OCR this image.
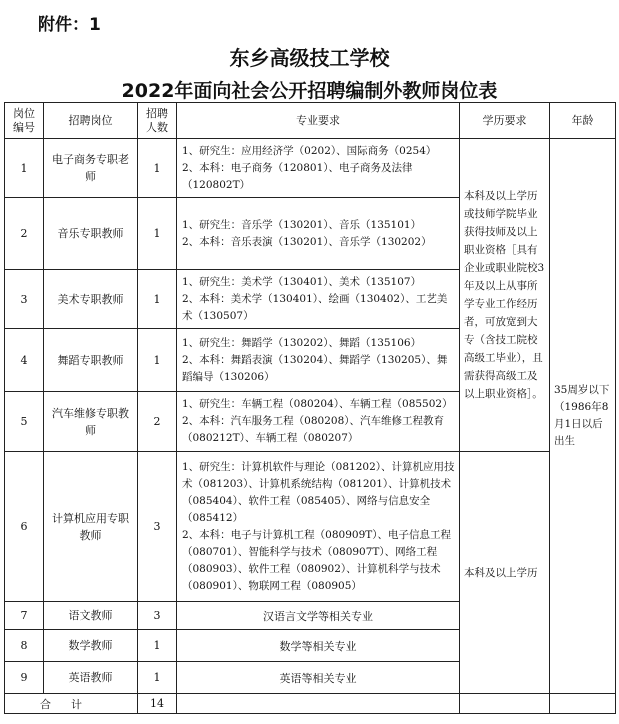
附件：1
东乡高级技工学校
2022年面向社会公开招聘编制外教师岗位表
岗位编号	招聘岗位	招聘人数	专业要求	学历要求	年龄
1	电子商务专职老师	1	1、研究生：应用经济学（0202）、国际商务（0254）

2、本科：电子商务（120801）、电子商务及法律（120802T）	本科及以上学历或技师学院毕业获得技师及以上职业资格［具有企业或职业院校3年及以上从事所学专业工作经历者，可放宽到大专（含技工院校高级工毕业），且需获得高级工及以上职业资格］。	35周岁以下（1986年8月1日以后出生
2	音乐专职教师	1	1、研究生：音乐学（130201）、音乐（135101）

2、本科：音乐表演（130201）、音乐学（130202）		

3	美术专职教师	1	1、研究生：美术学（130401）、美术（135107）

2、本科：美术学（130401）、绘画（130402）、工艺美术（130507）		

4	舞蹈专职教师	1	1、研究生：舞蹈学（130202）、舞蹈（135106）

2、本科：舞蹈表演（130204）、舞蹈学（130205）、舞蹈编导（130206）		

5	汽车维修专职教师	2	1、研究生：车辆工程（080204）、车辆工程（085502）

2、本科：汽车服务工程（080208）、汽车维修工程教育（080212T）、车辆工程（080207）		

6	计算机应用专职教师	3	1、研究生：计算机软件与理论（081202）、计算机应用技术（081203）、计算机系统结构（081201）、计算机技术（085404）、软件工程（085405）、网络与信息安全（085412）

2、本科：电子与计算机工程（080909T）、电子信息工程（080701）、智能科学与技术（080907T）、网络工程（080903）、软件工程（080902）、计算机科学与技术（080901）、物联网工程（080905）	本科及以上学历	
7	语文教师	3	汉语言文学等相关专业		
8	数学教师	1	数学等相关专业		
9	英语教师	1	英语等相关专业		
合计		14			
